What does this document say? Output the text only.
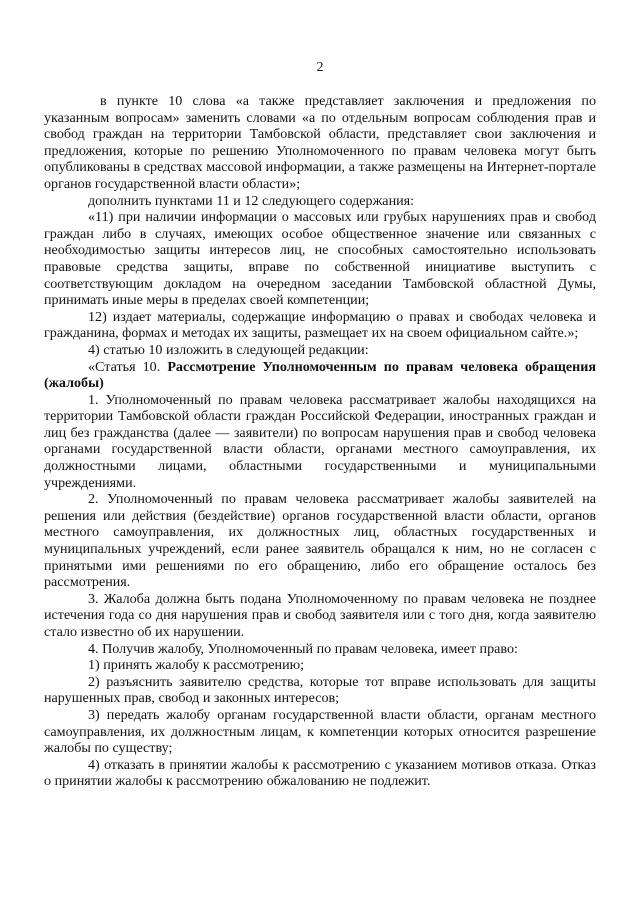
2

в пункте 10 слова «а также представляет заключения и предложения по указанным вопросам» заменить словами «а по отдельным вопросам соблюдения прав и свобод граждан на территории Тамбовской области, представляет свои заключения и предложения, которые по решению Уполномоченного по правам человека могут быть опубликованы в средствах массовой информации, а также размещены на Интернет-портале органов государственной власти области»;

дополнить пунктами 11 и 12 следующего содержания:

«11) при наличии информации о массовых или грубых нарушениях прав и свобод граждан либо в случаях, имеющих особое общественное значение или связанных с необходимостью защиты интересов лиц, не способных самостоятельно использовать правовые средства защиты, вправе по собственной инициативе выступить с соответствующим докладом на очередном заседании Тамбовской областной Думы, принимать иные меры в пределах своей компетенции;

12) издает материалы, содержащие информацию о правах и свободах человека и гражданина, формах и методах их защиты, размещает их на своем официальном сайте.»;

4) статью 10 изложить в следующей редакции:

«Статья 10. Рассмотрение Уполномоченным по правам человека обращения (жалобы)

1. Уполномоченный по правам человека рассматривает жалобы находящихся на территории Тамбовской области граждан Российской Федерации, иностранных граждан и лиц без гражданства (далее — заявители) по вопросам нарушения прав и свобод человека органами государственной власти области, органами местного самоуправления, их должностными лицами, областными государственными и муниципальными учреждениями.

2. Уполномоченный по правам человека рассматривает жалобы заявителей на решения или действия (бездействие) органов государственной власти области, органов местного самоуправления, их должностных лиц, областных государственных и муниципальных учреждений, если ранее заявитель обращался к ним, но не согласен с принятыми ими решениями по его обращению, либо его обращение осталось без рассмотрения.

3. Жалоба должна быть подана Уполномоченному по правам человека не позднее истечения года со дня нарушения прав и свобод заявителя или с того дня, когда заявителю стало известно об их нарушении.

4. Получив жалобу, Уполномоченный по правам человека, имеет право:

1) принять жалобу к рассмотрению;

2) разъяснить заявителю средства, которые тот вправе использовать для защиты нарушенных прав, свобод и законных интересов;

3) передать жалобу органам государственной власти области, органам местного самоуправления, их должностным лицам, к компетенции которых относится разрешение жалобы по существу;

4) отказать в принятии жалобы к рассмотрению с указанием мотивов отказа. Отказ о принятии жалобы к рассмотрению обжалованию не подлежит.
